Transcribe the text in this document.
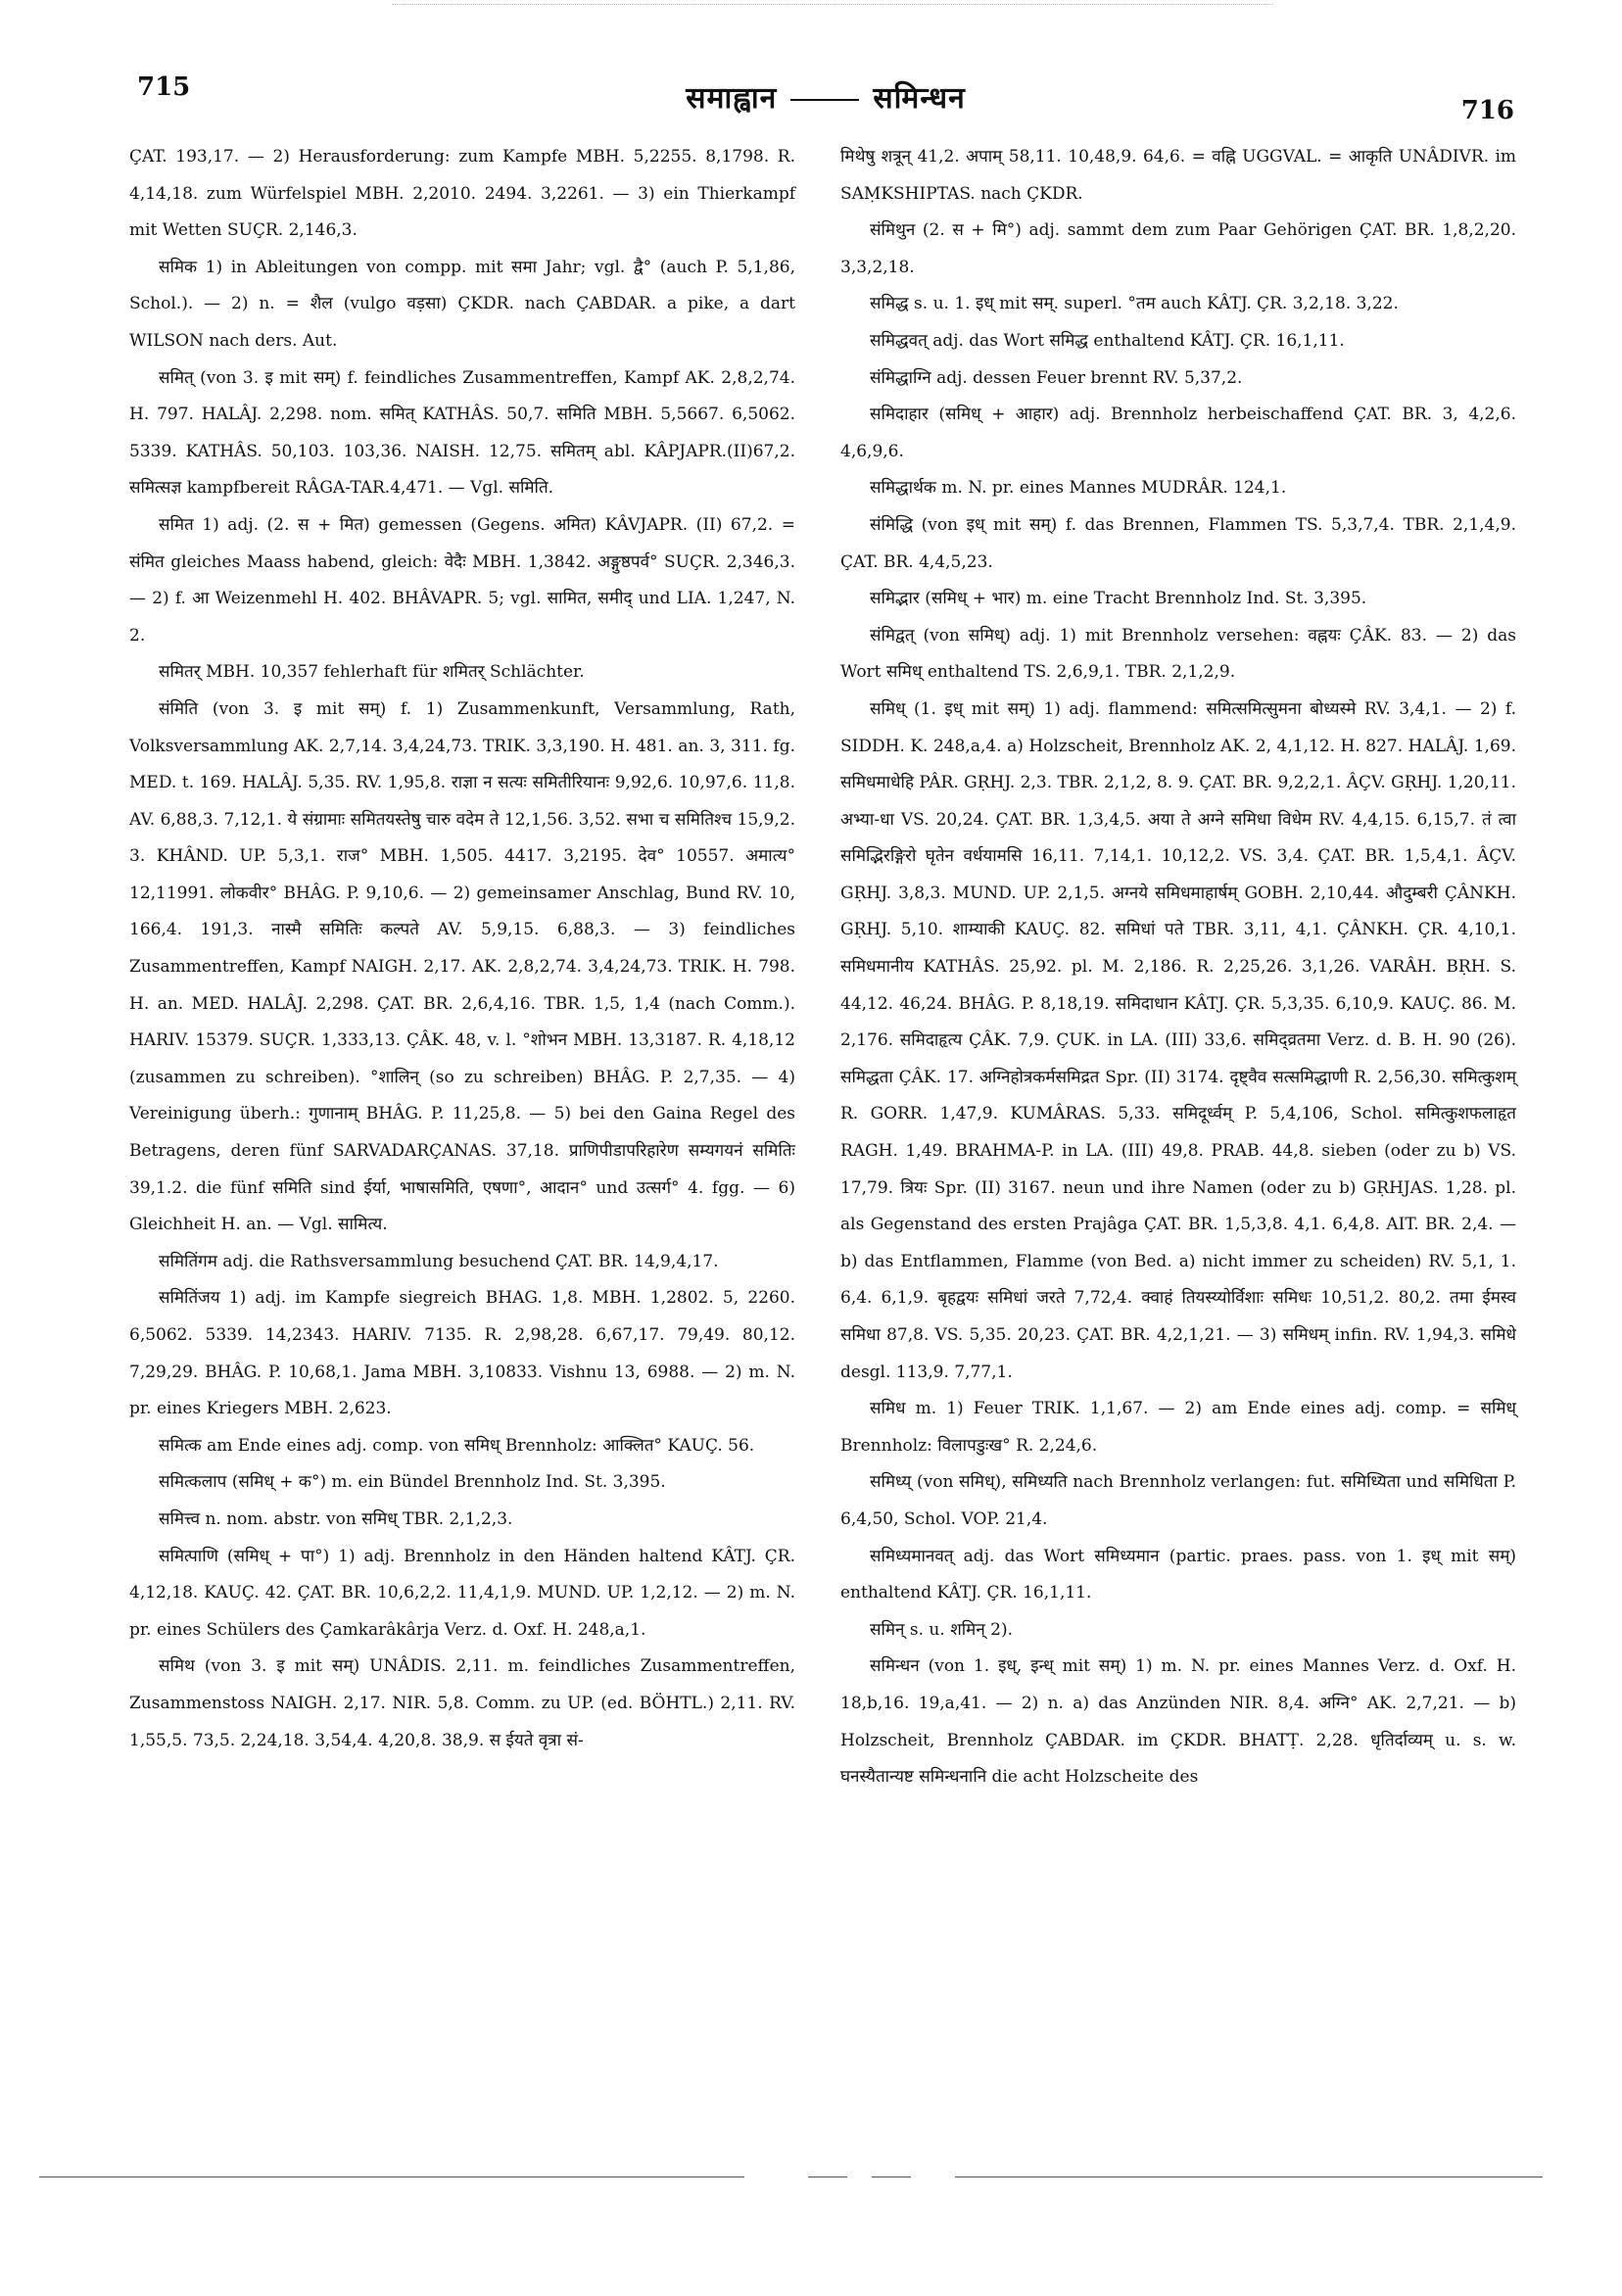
715	समाह्वान	समिन्धन	716

ÇAT. 193,17. — 2) Herausforderung: zum Kampfe MBH. 5,2255. 8,1798. R. 4,14,18. zum Würfelspiel MBH. 2,2010. 2494. 3,2261. — 3) ein Thierkampf mit Wetten SUÇR. 2,146,3.

समिक 1) in Ableitungen von compp. mit समा Jahr; vgl. द्वै° (auch P. 5,1,86, Schol.). — 2) n. = शैल (vulgo वड़सा) ÇKDR. nach ÇABDAR. a pike, a dart WILSON nach ders. Aut.

समित् (von 3. इ mit सम्) f. feindliches Zusammentreffen, Kampf AK. 2,8,2,74. H. 797. HALÂJ. 2,298. nom. समित् KATHÂS. 50,7. समिति MBH. 5,5667. 6,5062. 5339. KATHÂS. 50,103. 103,36. NAISH. 12,75. समितम् abl. KÂPJAPR.(II)67,2. समित्सज्ञ kampfbereit RÂGA-TAR.4,471. — Vgl. समिति.

समित 1) adj. (2. स + मित) gemessen (Gegens. अमित) KÂVJAPR. (II) 67,2. = संमित gleiches Maass habend, gleich: वेदैः MBH. 1,3842. अङ्गुष्ठपर्व° SUÇR. 2,346,3. — 2) f. आ Weizenmehl H. 402. BHÂVAPR. 5; vgl. सामित, समीद् und LIA. 1,247, N. 2.

समितर् MBH. 10,357 fehlerhaft für शमितर् Schlächter.

संमिति (von 3. इ mit सम्) f. 1) Zusammenkunft, Versammlung, Rath, Volksversammlung AK. 2,7,14. 3,4,24,73. TRIK. 3,3,190. H. 481. an. 3, 311. fg. MED. t. 169. HALÂJ. 5,35. RV. 1,95,8. राज्ञा न सत्यः समितीरियानः 9,92,6. 10,97,6. 11,8. AV. 6,88,3. 7,12,1. ये संग्रामाः समितयस्तेषु चारु वदेम ते 12,1,56. 3,52. सभा च समितिश्च 15,9,2. 3. KHÂND. UP. 5,3,1. राज° MBH. 1,505. 4417. 3,2195. देव° 10557. अमात्य° 12,11991. लोकवीर° BHÂG. P. 9,10,6. — 2) gemeinsamer Anschlag, Bund RV. 10, 166,4. 191,3. नास्मै समितिः कल्पते AV. 5,9,15. 6,88,3. — 3) feindliches Zusammentreffen, Kampf NAIGH. 2,17. AK. 2,8,2,74. 3,4,24,73. TRIK. H. 798. H. an. MED. HALÂJ. 2,298. ÇAT. BR. 2,6,4,16. TBR. 1,5, 1,4 (nach Comm.). HARIV. 15379. SUÇR. 1,333,13. ÇÂK. 48, v. l. °शोभन MBH. 13,3187. R. 4,18,12 (zusammen zu schreiben). °शालिन् (so zu schreiben) BHÂG. P. 2,7,35. — 4) Vereinigung überh.: गुणानाम् BHÂG. P. 11,25,8. — 5) bei den Gaina Regel des Betragens, deren fünf SARVADARÇANAS. 37,18. प्राणिपीडापरिहारेण सम्यगयनं समितिः 39,1.2. die fünf समिति sind ईर्या, भाषासमिति, एषणा°, आदान° und उत्सर्ग° 4. fgg. — 6) Gleichheit H. an. — Vgl. सामित्य.

समितिंगम adj. die Rathsversammlung besuchend ÇAT. BR. 14,9,4,17.

समितिंजय 1) adj. im Kampfe siegreich BHAG. 1,8. MBH. 1,2802. 5, 2260. 6,5062. 5339. 14,2343. HARIV. 7135. R. 2,98,28. 6,67,17. 79,49. 80,12. 7,29,29. BHÂG. P. 10,68,1. Jama MBH. 3,10833. Vishnu 13, 6988. — 2) m. N. pr. eines Kriegers MBH. 2,623.

समित्क am Ende eines adj. comp. von समिध् Brennholz: आक्लित° KAUÇ. 56.

समित्कलाप (समिध् + क°) m. ein Bündel Brennholz Ind. St. 3,395.

समित्त्व n. nom. abstr. von समिध् TBR. 2,1,2,3.

समित्पाणि (समिध् + पा°) 1) adj. Brennholz in den Händen haltend KÂTJ. ÇR. 4,12,18. KAUÇ. 42. ÇAT. BR. 10,6,2,2. 11,4,1,9. MUND. UP. 1,2,12. — 2) m. N. pr. eines Schülers des Çamkarâkârja Verz. d. Oxf. H. 248,a,1.

समिथ (von 3. इ mit सम्) UNÂDIS. 2,11. m. feindliches Zusammentreffen, Zusammenstoss NAIGH. 2,17. NIR. 5,8. Comm. zu UP. (ed. BÖHTL.) 2,11. RV. 1,55,5. 73,5. 2,24,18. 3,54,4. 4,20,8. 38,9. स ईयते वृत्रा सं-

मिथेषु शत्रून् 41,2. अपाम् 58,11. 10,48,9. 64,6. = वह्नि UGGVAL. = आकृति UNÂDIVR. im SAṂKSHIPTAS. nach ÇKDR.

संमिथुन (2. स + मि°) adj. sammt dem zum Paar Gehörigen ÇAT. BR. 1,8,2,20. 3,3,2,18.

समिद्ध s. u. 1. इध् mit सम्. superl. °तम auch KÂTJ. ÇR. 3,2,18. 3,22.

समिद्धवत् adj. das Wort समिद्ध enthaltend KÂTJ. ÇR. 16,1,11.

संमिद्धाग्नि adj. dessen Feuer brennt RV. 5,37,2.

समिदाहार (समिध् + आहार) adj. Brennholz herbeischaffend ÇAT. BR. 3, 4,2,6. 4,6,9,6.

समिद्धार्थक m. N. pr. eines Mannes MUDRÂR. 124,1.

संमिद्धि (von इध् mit सम्) f. das Brennen, Flammen TS. 5,3,7,4. TBR. 2,1,4,9. ÇAT. BR. 4,4,5,23.

समिद्भार (समिध् + भार) m. eine Tracht Brennholz Ind. St. 3,395.

संमिद्वत् (von समिध्) adj. 1) mit Brennholz versehen: वह्नयः ÇÂK. 83. — 2) das Wort समिध् enthaltend TS. 2,6,9,1. TBR. 2,1,2,9.

समिध् (1. इध् mit सम्) 1) adj. flammend: समित्समित्सुमना बोध्यस्मे RV. 3,4,1. — 2) f. SIDDH. K. 248,a,4. a) Holzscheit, Brennholz AK. 2, 4,1,12. H. 827. HALÂJ. 1,69. समिधमाधेहि PÂR. GṚHJ. 2,3. TBR. 2,1,2, 8. 9. ÇAT. BR. 9,2,2,1. ÂÇV. GṚHJ. 1,20,11. अभ्या-धा VS. 20,24. ÇAT. BR. 1,3,4,5. अया ते अग्ने समिधा विधेम RV. 4,4,15. 6,15,7. तं त्वा समिद्भिरङ्गिरो घृतेन वर्धयामसि 16,11. 7,14,1. 10,12,2. VS. 3,4. ÇAT. BR. 1,5,4,1. ÂÇV. GṚHJ. 3,8,3. MUND. UP. 2,1,5. अग्नये समिधमाहार्षम् GOBH. 2,10,44. औदुम्बरी ÇÂNKH. GṚHJ. 5,10. शाम्याकी KAUÇ. 82. समिधां पते TBR. 3,11, 4,1. ÇÂNKH. ÇR. 4,10,1. समिधमानीय KATHÂS. 25,92. pl. M. 2,186. R. 2,25,26. 3,1,26. VARÂH. BṚH. S. 44,12. 46,24. BHÂG. P. 8,18,19. समिदाधान KÂTJ. ÇR. 5,3,35. 6,10,9. KAUÇ. 86. M. 2,176. समिदाहृत्य ÇÂK. 7,9. ÇUK. in LA. (III) 33,6. समिद्व्रतमा Verz. d. B. H. 90 (26). समिद्धता ÇÂK. 17. अग्निहोत्रकर्मसमिद्रत Spr. (II) 3174. दृष्ट्वैव सत्समिद्धाणी R. 2,56,30. समित्कुशम् R. GORR. 1,47,9. KUMÂRAS. 5,33. समिदूर्ध्वम् P. 5,4,106, Schol. समित्कुशफलाहृत RAGH. 1,49. BRAHMA-P. in LA. (III) 49,8. PRAB. 44,8. sieben (oder zu b) VS. 17,79. त्रियः Spr. (II) 3167. neun und ihre Namen (oder zu b) GṚHJAS. 1,28. pl. als Gegenstand des ersten Prajâga ÇAT. BR. 1,5,3,8. 4,1. 6,4,8. AIT. BR. 2,4. — b) das Entflammen, Flamme (von Bed. a) nicht immer zu scheiden) RV. 5,1, 1. 6,4. 6,1,9. बृहद्वयः समिधां जरते 7,72,4. क्वाहं तियस्य्योर्विशाः समिधः 10,51,2. 80,2. तमा ईमस्व समिधा 87,8. VS. 5,35. 20,23. ÇAT. BR. 4,2,1,21. — 3) समिधम् infin. RV. 1,94,3. समिधे desgl. 113,9. 7,77,1.

समिध m. 1) Feuer TRIK. 1,1,67. — 2) am Ende eines adj. comp. = समिध् Brennholz: विलापडुःख° R. 2,24,6.

समिध्य् (von समिध्), समिध्यति nach Brennholz verlangen: fut. समिध्यिता und समिधिता P. 6,4,50, Schol. VOP. 21,4.

समिध्यमानवत् adj. das Wort समिध्यमान (partic. praes. pass. von 1. इध् mit सम्) enthaltend KÂTJ. ÇR. 16,1,11.

समिन् s. u. शमिन् 2).

समिन्धन (von 1. इध्, इन्ध् mit सम्) 1) m. N. pr. eines Mannes Verz. d. Oxf. H. 18,b,16. 19,a,41. — 2) n. a) das Anzünden NIR. 8,4. अग्नि° AK. 2,7,21. — b) Holzscheit, Brennholz ÇABDAR. im ÇKDR. BHATṬ. 2,28. धृतिर्दाव्यम् u. s. w. घनस्यैतान्यष्ट समिन्धनानि die acht Holzscheite des
